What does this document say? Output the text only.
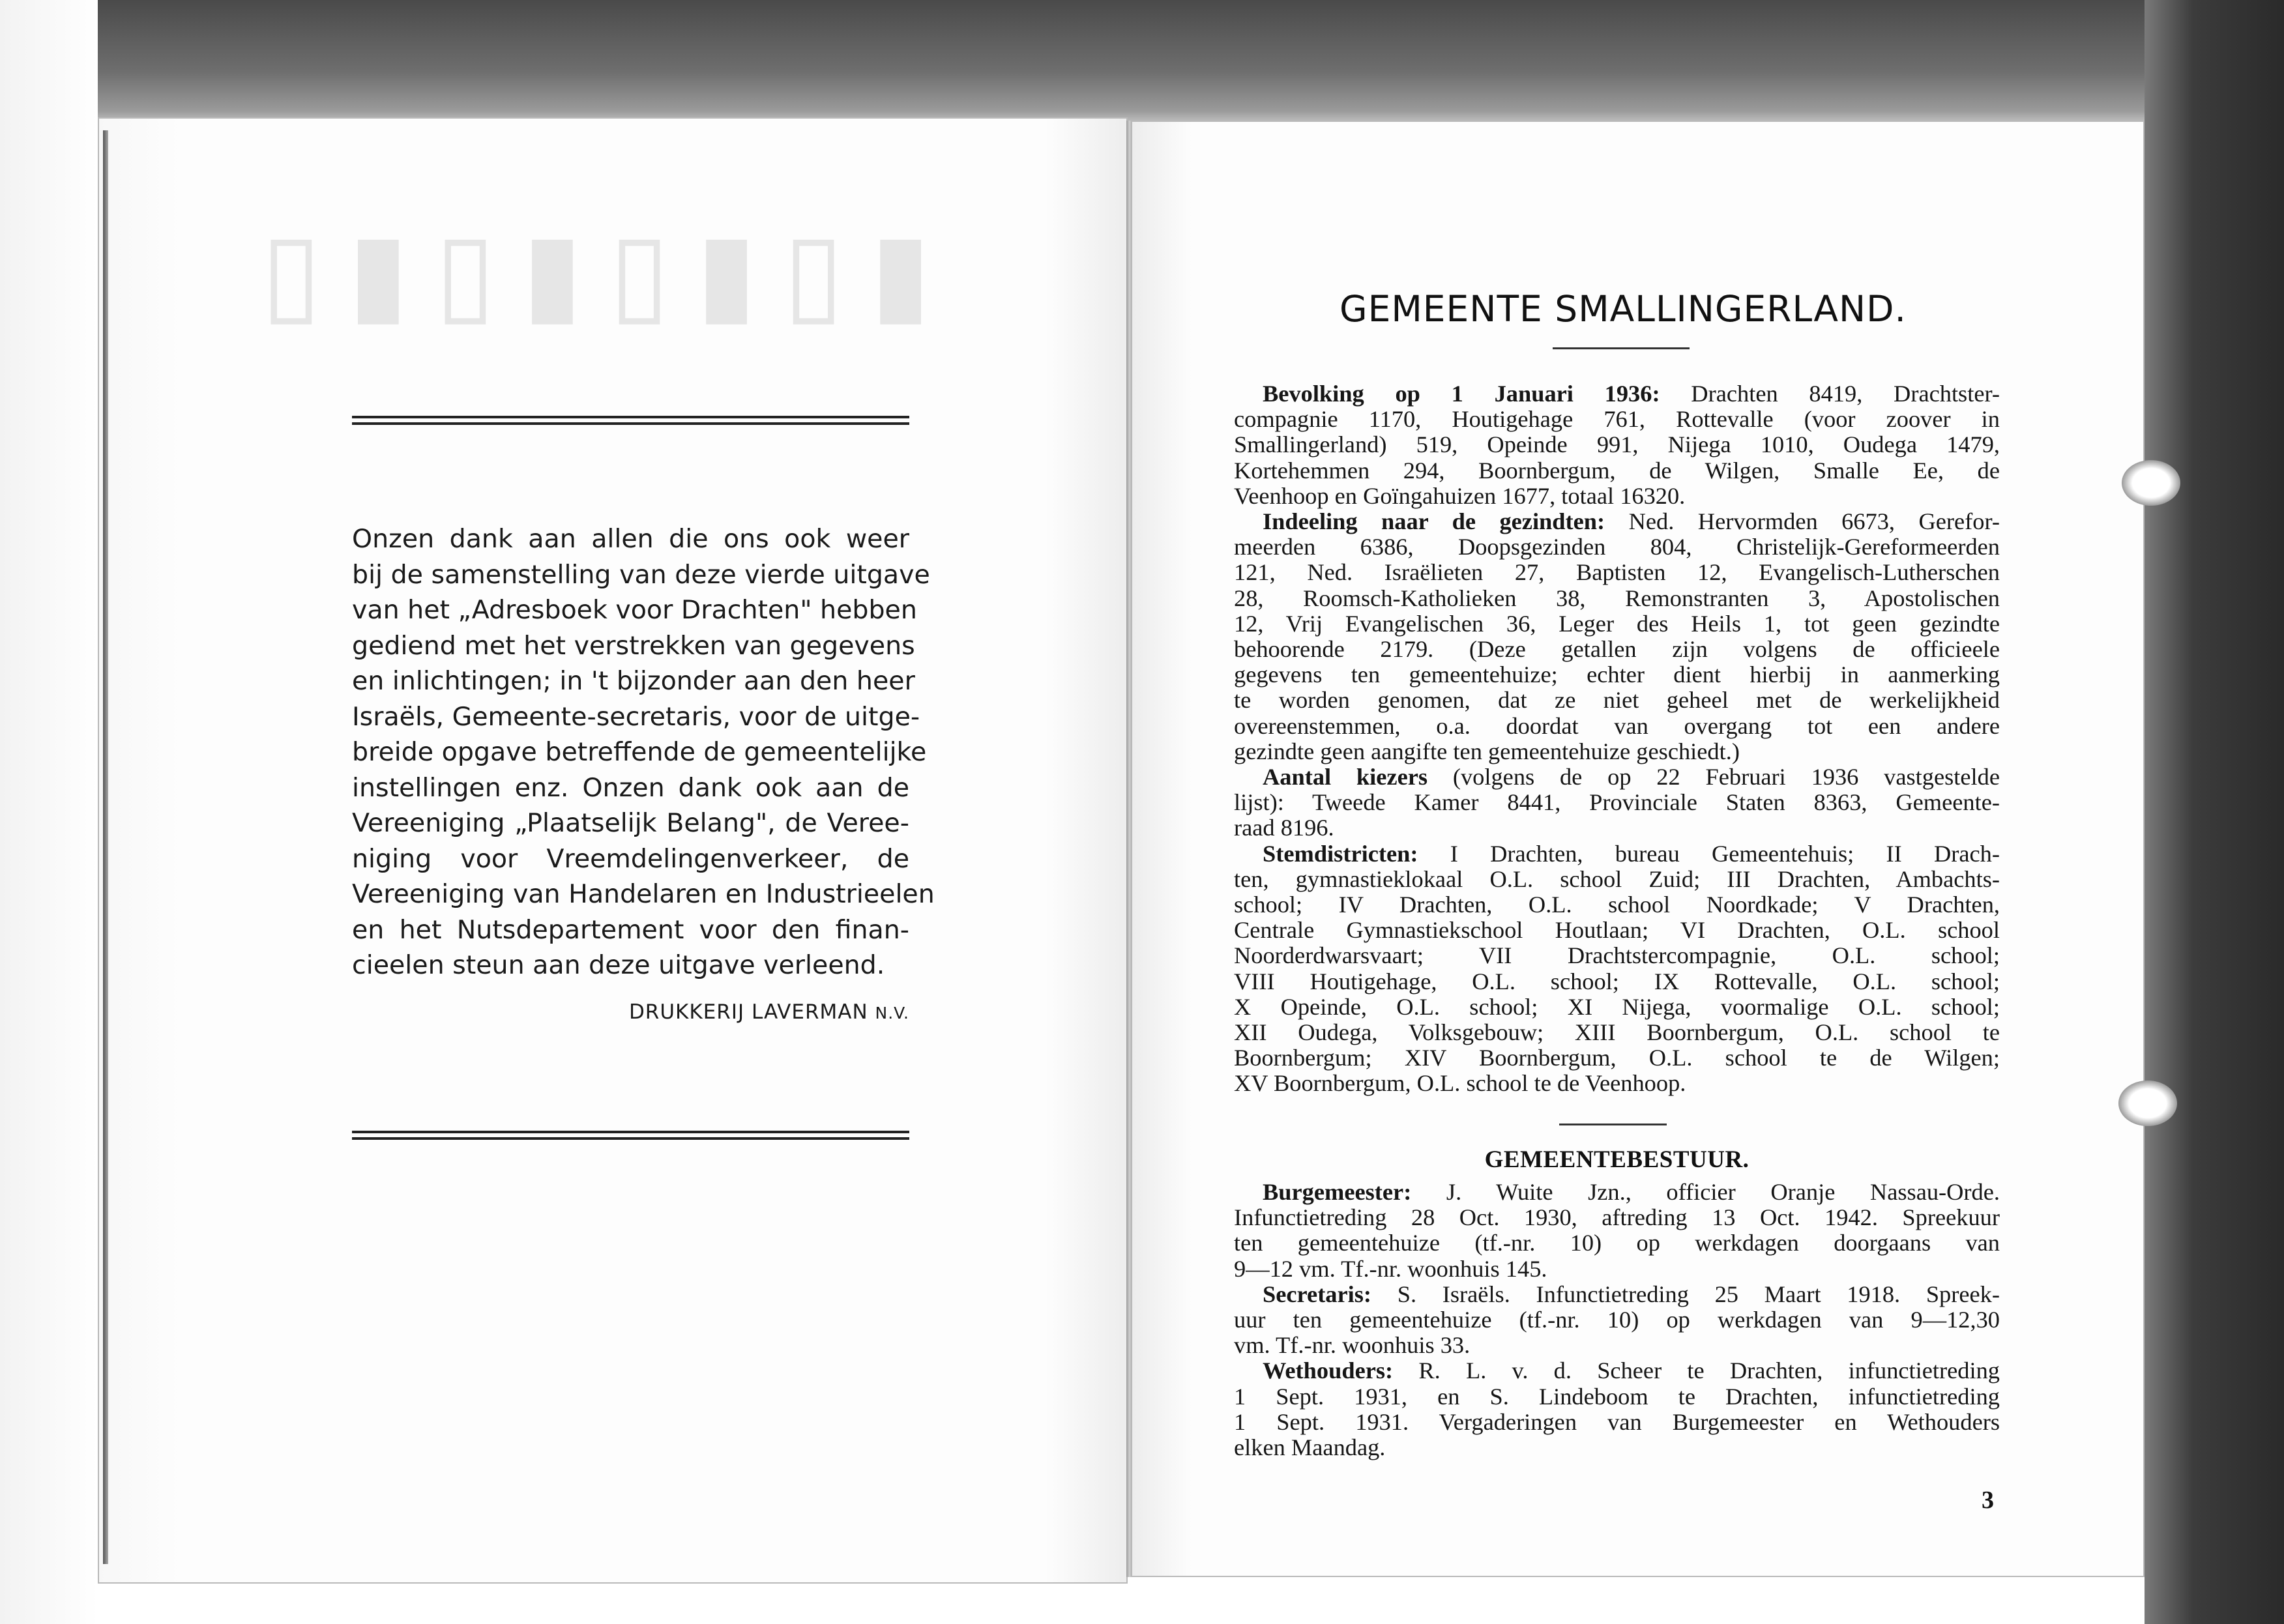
▮▯▮▯▮▯▮▯
Onzen dank aan allen die ons ook weer
bij de samenstelling van deze vierde uitgave
van het „Adresboek voor Drachten" hebben
gediend met het verstrekken van gegevens
en inlichtingen; in 't bijzonder aan den heer
Israëls, Gemeente-secretaris, voor de uitge-
breide opgave betreffende de gemeentelijke
instellingen enz. Onzen dank ook aan de
Vereeniging „Plaatselijk Belang", de Veree-
niging voor Vreemdelingenverkeer, de
Vereeniging van Handelaren en Industrieelen
en het Nutsdepartement voor den finan-
cieelen steun aan deze uitgave verleend.
DRUKKERIJ LAVERMAN N.V.
GEMEENTE SMALLINGERLAND.
Bevolking op 1 Januari 1936: Drachten 8419, Drachtster-
compagnie 1170, Houtigehage 761, Rottevalle (voor zoover in
Smallingerland) 519, Opeinde 991, Nijega 1010, Oudega 1479,
Kortehemmen 294, Boornbergum, de Wilgen, Smalle Ee, de
Veenhoop en Goïngahuizen 1677, totaal 16320.
Indeeling naar de gezindten: Ned. Hervormden 6673, Gerefor-
meerden 6386, Doopsgezinden 804, Christelijk-Gereformeerden
121, Ned. Israëlieten 27, Baptisten 12, Evangelisch-Lutherschen
28, Roomsch-Katholieken 38, Remonstranten 3, Apostolischen
12, Vrij Evangelischen 36, Leger des Heils 1, tot geen gezindte
behoorende 2179. (Deze getallen zijn volgens de officieele
gegevens ten gemeentehuize; echter dient hierbij in aanmerking
te worden genomen, dat ze niet geheel met de werkelijkheid
overeenstemmen, o.a. doordat van overgang tot een andere
gezindte geen aangifte ten gemeentehuize geschiedt.)
Aantal kiezers (volgens de op 22 Februari 1936 vastgestelde
lijst): Tweede Kamer 8441, Provinciale Staten 8363, Gemeente-
raad 8196.
Stemdistricten: I Drachten, bureau Gemeentehuis; II Drach-
ten, gymnastieklokaal O.L. school Zuid; III Drachten, Ambachts-
school; IV Drachten, O.L. school Noordkade; V Drachten,
Centrale Gymnastiekschool Houtlaan; VI Drachten, O.L. school
Noorderdwarsvaart; VII Drachtstercompagnie, O.L. school;
VIII Houtigehage, O.L. school; IX Rottevalle, O.L. school;
X Opeinde, O.L. school; XI Nijega, voormalige O.L. school;
XII Oudega, Volksgebouw; XIII Boornbergum, O.L. school te
Boornbergum; XIV Boornbergum, O.L. school te de Wilgen;
XV Boornbergum, O.L. school te de Veenhoop.
GEMEENTEBESTUUR.
Burgemeester: J. Wuite Jzn., officier Oranje Nassau-Orde.
Infunctietreding 28 Oct. 1930, aftreding 13 Oct. 1942. Spreekuur
ten gemeentehuize (tf.-nr. 10) op werkdagen doorgaans van
9—12 vm. Tf.-nr. woonhuis 145.
Secretaris: S. Israëls. Infunctietreding 25 Maart 1918. Spreek-
uur ten gemeentehuize (tf.-nr. 10) op werkdagen van 9—12,30
vm. Tf.-nr. woonhuis 33.
Wethouders: R. L. v. d. Scheer te Drachten, infunctietreding
1 Sept. 1931, en S. Lindeboom te Drachten, infunctietreding
1 Sept. 1931. Vergaderingen van Burgemeester en Wethouders
elken Maandag.
3
